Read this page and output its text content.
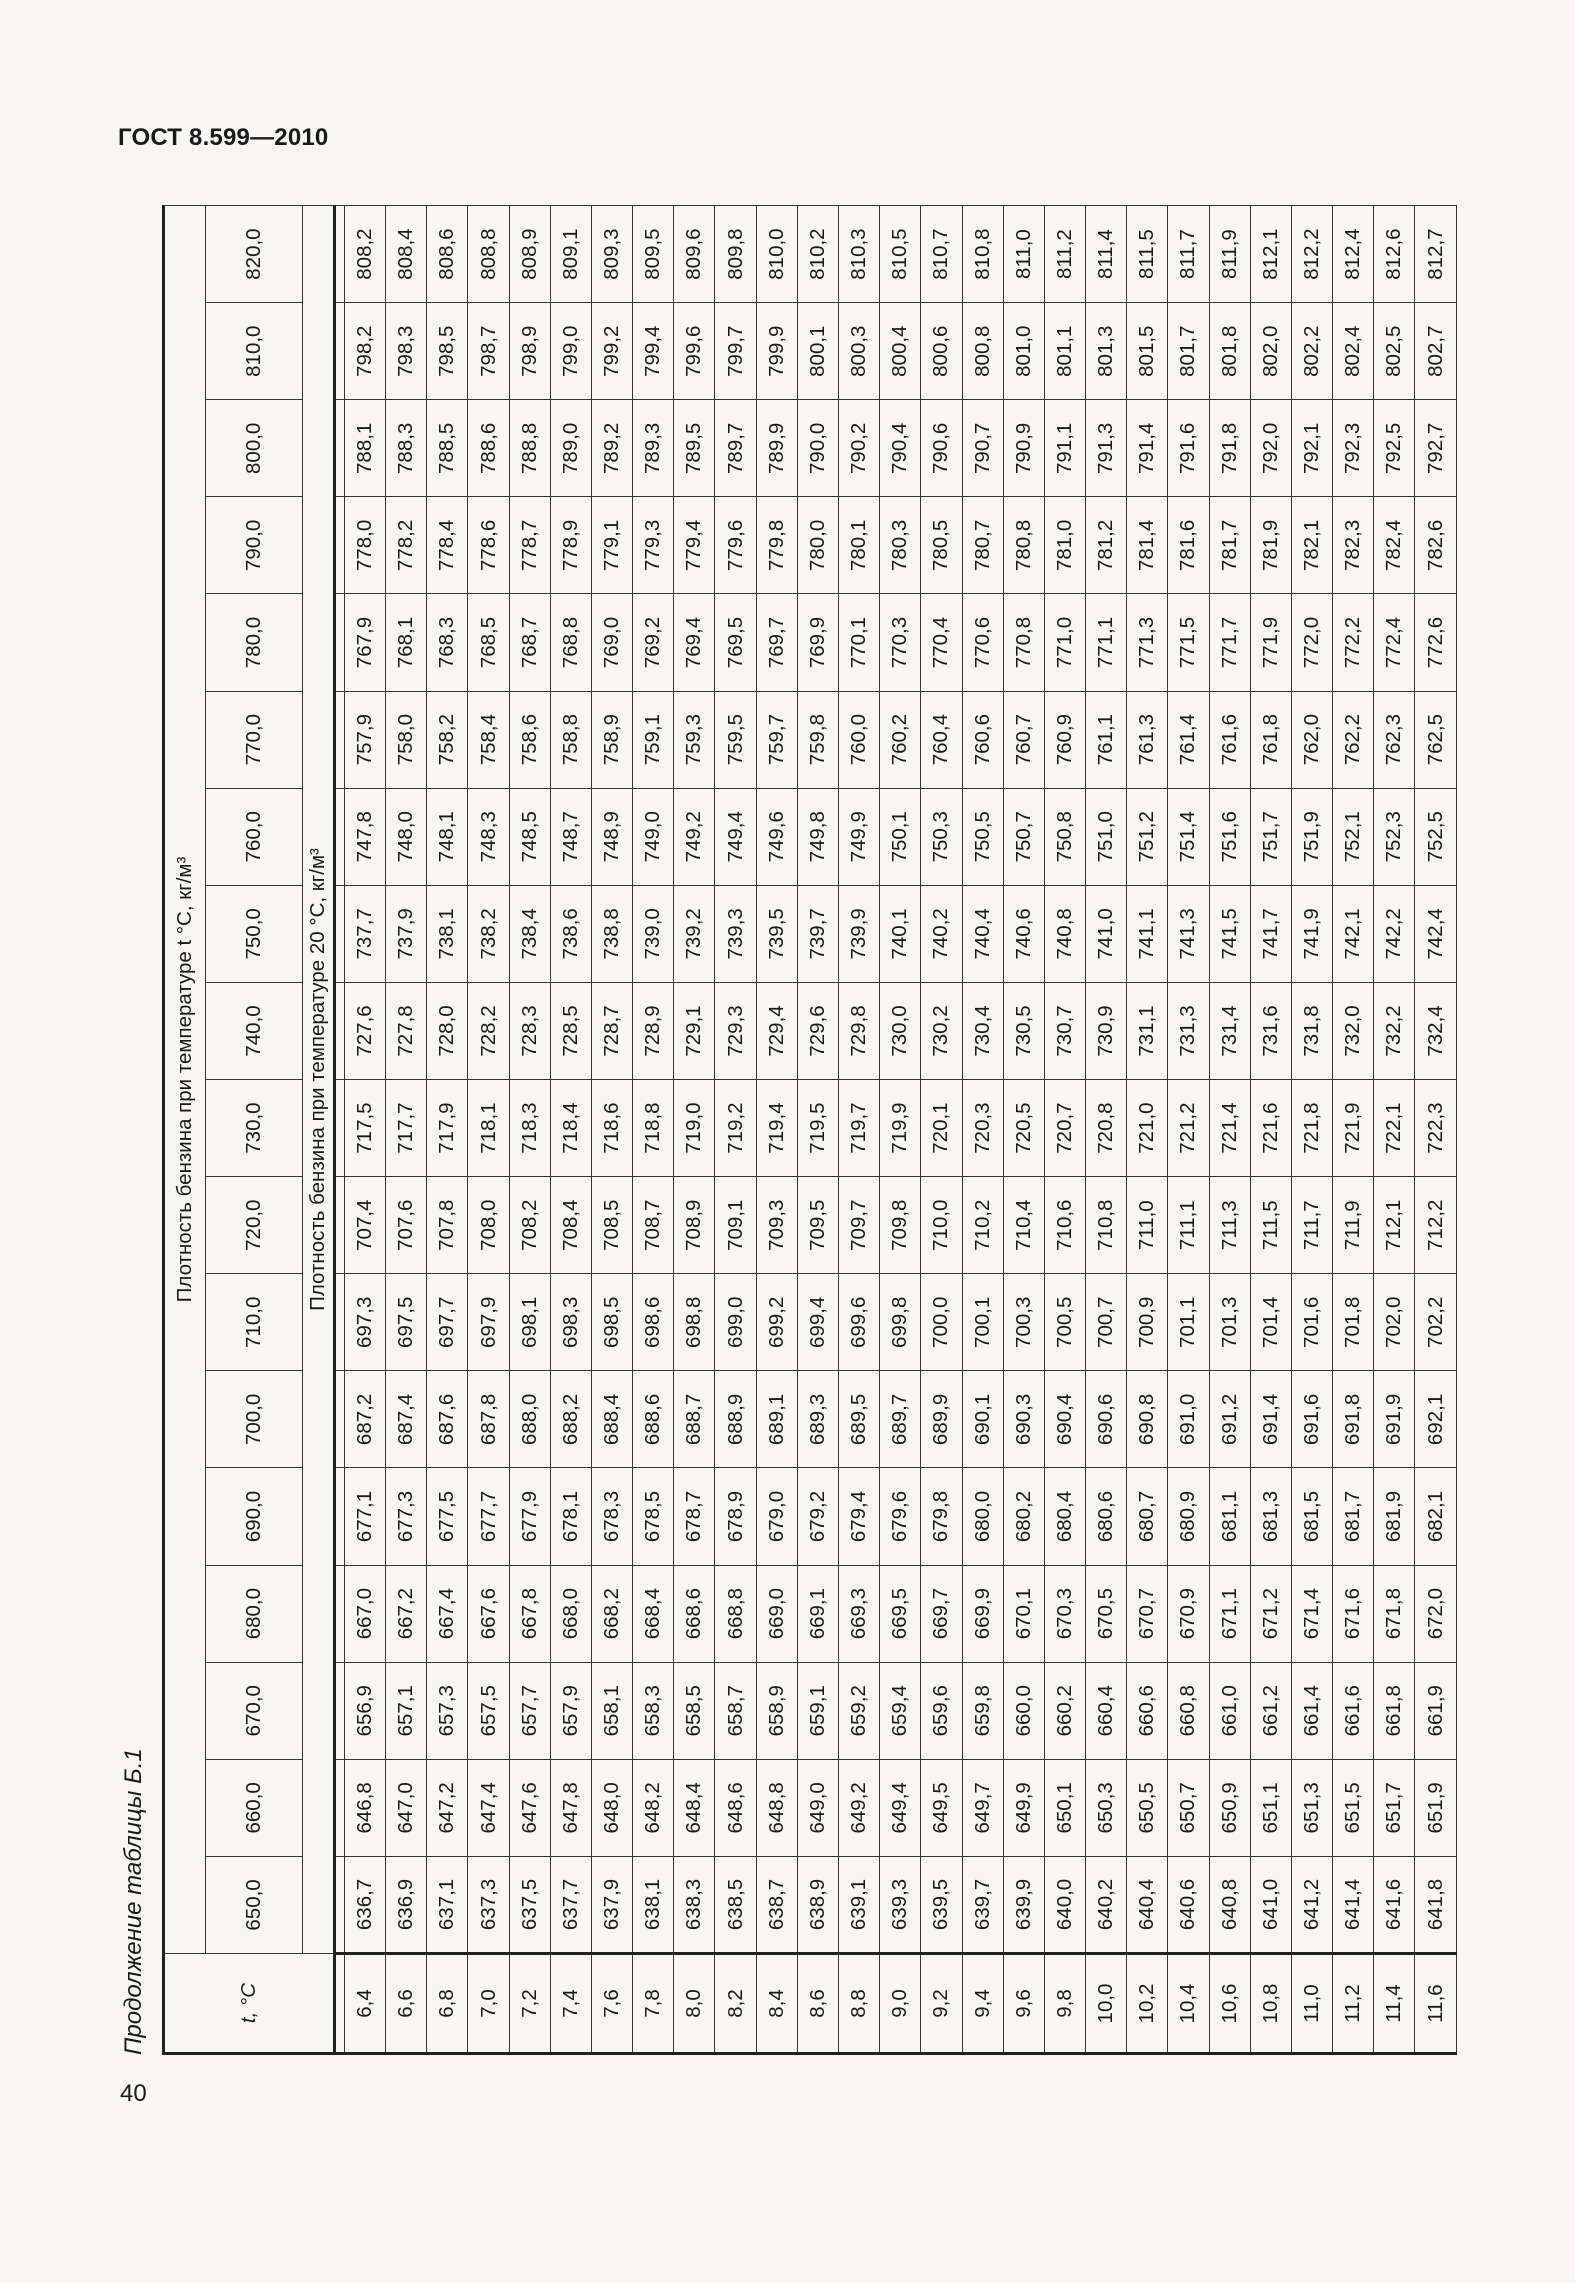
ГОСТ 8.599—2010
Продолжение таблицы Б.1
40
t, °C	Плотность бензина при температуре t °С, кг/м³																	
	650,0	660,0	670,0	680,0	690,0	700,0	710,0	720,0	730,0	740,0	750,0	760,0	770,0	780,0	790,0	800,0	810,0	820,0
	Плотность бензина при температуре 20 °С, кг/м³																	

6,4	636,7	646,8	656,9	667,0	677,1	687,2	697,3	707,4	717,5	727,6	737,7	747,8	757,9	767,9	778,0	788,1	798,2	808,2
6,6	636,9	647,0	657,1	667,2	677,3	687,4	697,5	707,6	717,7	727,8	737,9	748,0	758,0	768,1	778,2	788,3	798,3	808,4
6,8	637,1	647,2	657,3	667,4	677,5	687,6	697,7	707,8	717,9	728,0	738,1	748,1	758,2	768,3	778,4	788,5	798,5	808,6
7,0	637,3	647,4	657,5	667,6	677,7	687,8	697,9	708,0	718,1	728,2	738,2	748,3	758,4	768,5	778,6	788,6	798,7	808,8
7,2	637,5	647,6	657,7	667,8	677,9	688,0	698,1	708,2	718,3	728,3	738,4	748,5	758,6	768,7	778,7	788,8	798,9	808,9
7,4	637,7	647,8	657,9	668,0	678,1	688,2	698,3	708,4	718,4	728,5	738,6	748,7	758,8	768,8	778,9	789,0	799,0	809,1
7,6	637,9	648,0	658,1	668,2	678,3	688,4	698,5	708,5	718,6	728,7	738,8	748,9	758,9	769,0	779,1	789,2	799,2	809,3
7,8	638,1	648,2	658,3	668,4	678,5	688,6	698,6	708,7	718,8	728,9	739,0	749,0	759,1	769,2	779,3	789,3	799,4	809,5
8,0	638,3	648,4	658,5	668,6	678,7	688,7	698,8	708,9	719,0	729,1	739,2	749,2	759,3	769,4	779,4	789,5	799,6	809,6
8,2	638,5	648,6	658,7	668,8	678,9	688,9	699,0	709,1	719,2	729,3	739,3	749,4	759,5	769,5	779,6	789,7	799,7	809,8
8,4	638,7	648,8	658,9	669,0	679,0	689,1	699,2	709,3	719,4	729,4	739,5	749,6	759,7	769,7	779,8	789,9	799,9	810,0
8,6	638,9	649,0	659,1	669,1	679,2	689,3	699,4	709,5	719,5	729,6	739,7	749,8	759,8	769,9	780,0	790,0	800,1	810,2
8,8	639,1	649,2	659,2	669,3	679,4	689,5	699,6	709,7	719,7	729,8	739,9	749,9	760,0	770,1	780,1	790,2	800,3	810,3
9,0	639,3	649,4	659,4	669,5	679,6	689,7	699,8	709,8	719,9	730,0	740,1	750,1	760,2	770,3	780,3	790,4	800,4	810,5
9,2	639,5	649,5	659,6	669,7	679,8	689,9	700,0	710,0	720,1	730,2	740,2	750,3	760,4	770,4	780,5	790,6	800,6	810,7
9,4	639,7	649,7	659,8	669,9	680,0	690,1	700,1	710,2	720,3	730,4	740,4	750,5	760,6	770,6	780,7	790,7	800,8	810,8
9,6	639,9	649,9	660,0	670,1	680,2	690,3	700,3	710,4	720,5	730,5	740,6	750,7	760,7	770,8	780,8	790,9	801,0	811,0
9,8	640,0	650,1	660,2	670,3	680,4	690,4	700,5	710,6	720,7	730,7	740,8	750,8	760,9	771,0	781,0	791,1	801,1	811,2
10,0	640,2	650,3	660,4	670,5	680,6	690,6	700,7	710,8	720,8	730,9	741,0	751,0	761,1	771,1	781,2	791,3	801,3	811,4
10,2	640,4	650,5	660,6	670,7	680,7	690,8	700,9	711,0	721,0	731,1	741,1	751,2	761,3	771,3	781,4	791,4	801,5	811,5
10,4	640,6	650,7	660,8	670,9	680,9	691,0	701,1	711,1	721,2	731,3	741,3	751,4	761,4	771,5	781,6	791,6	801,7	811,7
10,6	640,8	650,9	661,0	671,1	681,1	691,2	701,3	711,3	721,4	731,4	741,5	751,6	761,6	771,7	781,7	791,8	801,8	811,9
10,8	641,0	651,1	661,2	671,2	681,3	691,4	701,4	711,5	721,6	731,6	741,7	751,7	761,8	771,9	781,9	792,0	802,0	812,1
11,0	641,2	651,3	661,4	671,4	681,5	691,6	701,6	711,7	721,8	731,8	741,9	751,9	762,0	772,0	782,1	792,1	802,2	812,2
11,2	641,4	651,5	661,6	671,6	681,7	691,8	701,8	711,9	721,9	732,0	742,1	752,1	762,2	772,2	782,3	792,3	802,4	812,4
11,4	641,6	651,7	661,8	671,8	681,9	691,9	702,0	712,1	722,1	732,2	742,2	752,3	762,3	772,4	782,4	792,5	802,5	812,6
11,6	641,8	651,9	661,9	672,0	682,1	692,1	702,2	712,2	722,3	732,4	742,4	752,5	762,5	772,6	782,6	792,7	802,7	812,7
